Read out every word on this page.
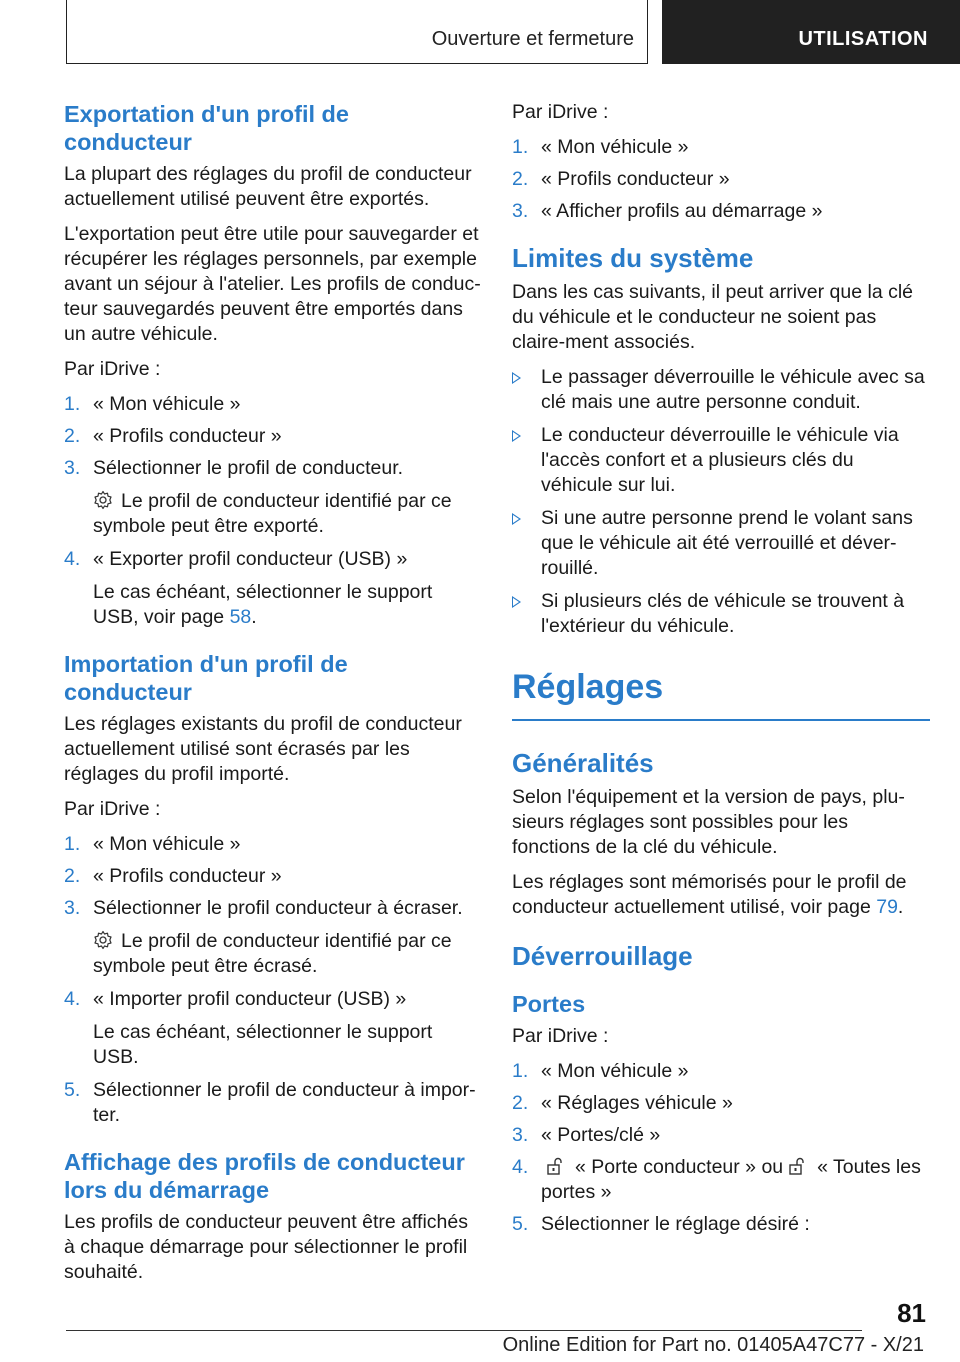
Ouverture et fermeture	UTILISATION
Exportation d'un profil de conducteur

La plupart des réglages du profil de conducteur actuellement utilisé peuvent être exportés.

L'exportation peut être utile pour sauvegarder et récupérer les réglages personnels, par exemple avant un séjour à l'atelier. Les profils de conduc-teur sauvegardés peuvent être emportés dans un autre véhicule.

Par iDrive :

1. « Mon véhicule »
2. « Profils conducteur »
3. Sélectionner le profil de conducteur.
Le profil de conducteur identifié par ce symbole peut être exporté.
4. « Exporter profil conducteur (USB) »
Le cas échéant, sélectionner le support USB, voir page 58.
Importation d'un profil de conducteur

Les réglages existants du profil de conducteur actuellement utilisé sont écrasés par les réglages du profil importé.

Par iDrive :

1. « Mon véhicule »
2. « Profils conducteur »
3. Sélectionner le profil conducteur à écraser.
Le profil de conducteur identifié par ce symbole peut être écrasé.
4. « Importer profil conducteur (USB) »
Le cas échéant, sélectionner le support USB.
5. Sélectionner le profil de conducteur à impor-ter.
Affichage des profils de conducteur lors du démarrage

Les profils de conducteur peuvent être affichés à chaque démarrage pour sélectionner le profil souhaité.

Par iDrive :

1. « Mon véhicule »
2. « Profils conducteur »
3. « Afficher profils au démarrage »
Limites du système

Dans les cas suivants, il peut arriver que la clé du véhicule et le conducteur ne soient pas claire-ment associés.

Le passager déverrouille le véhicule avec sa clé mais une autre personne conduit.
Le conducteur déverrouille le véhicule via l'accès confort et a plusieurs clés du véhicule sur lui.
Si une autre personne prend le volant sans que le véhicule ait été verrouillé et déver-rouillé.
Si plusieurs clés de véhicule se trouvent à l'extérieur du véhicule.
Réglages
Généralités

Selon l'équipement et la version de pays, plu-sieurs réglages sont possibles pour les fonctions de la clé du véhicule.

Les réglages sont mémorisés pour le profil de conducteur actuellement utilisé, voir page 79.

Déverrouillage
Portes

Par iDrive :

1. « Mon véhicule »
2. « Réglages véhicule »
3. « Portes/clé »
4. « Porte conducteur » ou « Toutes les portes »
5. Sélectionner le réglage désiré :
81
Online Edition for Part no. 01405A47C77 - X/21
